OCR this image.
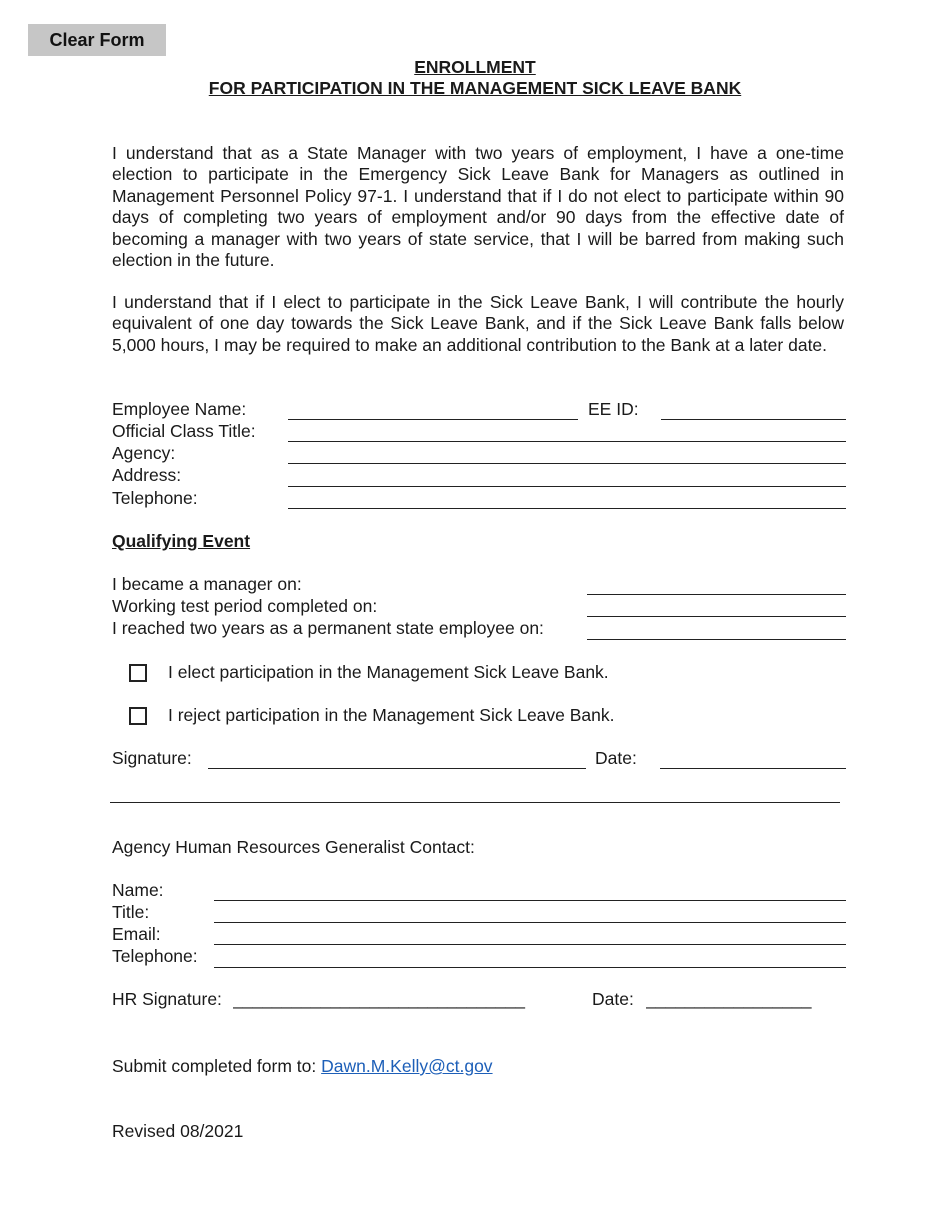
Clear Form
ENROLLMENT
FOR PARTICIPATION IN THE MANAGEMENT SICK LEAVE BANK
I understand that as a State Manager with two years of employment, I have a one-time election to participate in the Emergency Sick Leave Bank for Managers as outlined in Management Personnel Policy 97-1. I understand that if I do not elect to participate within 90 days of completing two years of employment and/or 90 days from the effective date of becoming a manager with two years of state service, that I will be barred from making such election in the future.
I understand that if I elect to participate in the Sick Leave Bank, I will contribute the hourly equivalent of one day towards the Sick Leave Bank, and if the Sick Leave Bank falls below 5,000 hours, I may be required to make an additional contribution to the Bank at a later date.
Employee Name:	EE ID:
Official Class Title:
Agency:
Address:
Telephone:
Qualifying Event
I became a manager on:
Working test period completed on:
I reached two years as a permanent state employee on:
I elect participation in the Management Sick Leave Bank.
I reject participation in the Management Sick Leave Bank.
Signature:	Date:
Agency Human Resources Generalist Contact:
Name:
Title:
Email:
Telephone:
HR Signature: ______________________________	Date: _________________
Submit completed form to: Dawn.M.Kelly@ct.gov
Revised 08/2021
